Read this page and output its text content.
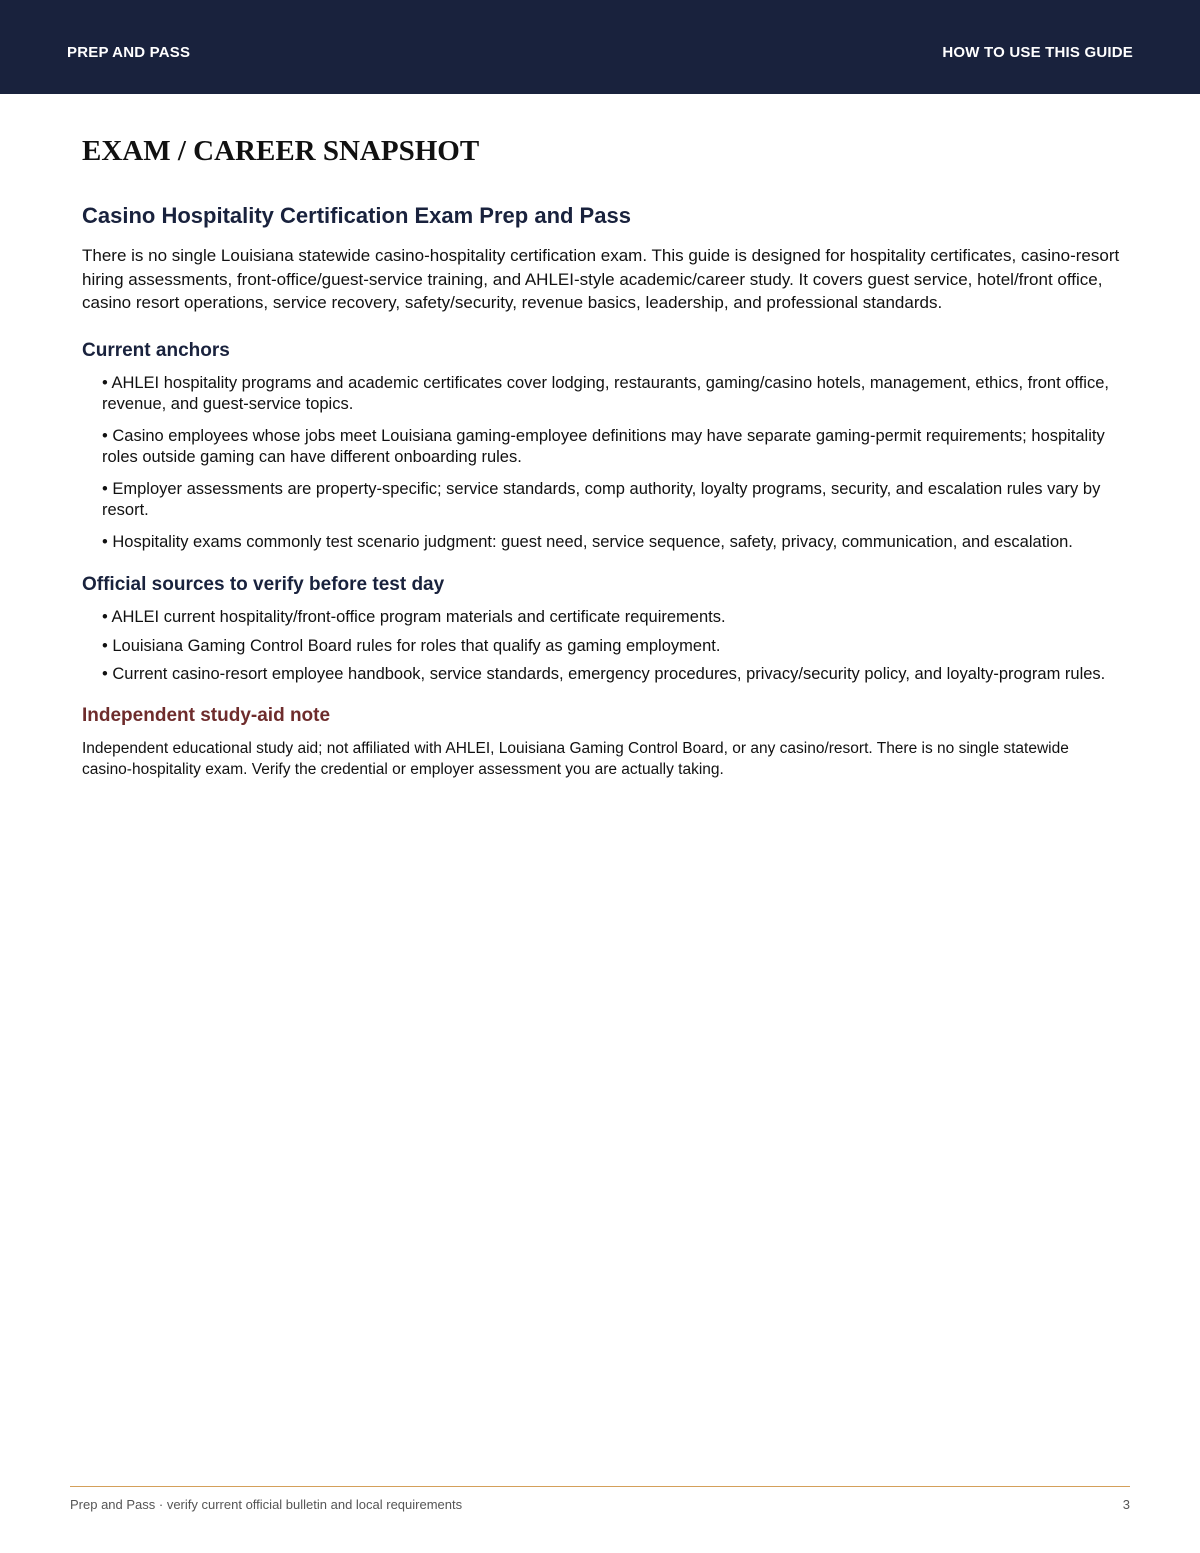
PREP AND PASS	HOW TO USE THIS GUIDE
EXAM / CAREER SNAPSHOT
Casino Hospitality Certification Exam Prep and Pass

There is no single Louisiana statewide casino-hospitality certification exam. This guide is designed for hospitality certificates, casino-resort hiring assessments, front-office/guest-service training, and AHLEI-style academic/career study. It covers guest service, hotel/front office, casino resort operations, service recovery, safety/security, revenue basics, leadership, and professional standards.

Current anchors
• AHLEI hospitality programs and academic certificates cover lodging, restaurants, gaming/casino hotels, management, ethics, front office, revenue, and guest-service topics.
• Casino employees whose jobs meet Louisiana gaming-employee definitions may have separate gaming-permit requirements; hospitality roles outside gaming can have different onboarding rules.
• Employer assessments are property-specific; service standards, comp authority, loyalty programs, security, and escalation rules vary by resort.
• Hospitality exams commonly test scenario judgment: guest need, service sequence, safety, privacy, communication, and escalation.
Official sources to verify before test day
• AHLEI current hospitality/front-office program materials and certificate requirements.
• Louisiana Gaming Control Board rules for roles that qualify as gaming employment.
• Current casino-resort employee handbook, service standards, emergency procedures, privacy/security policy, and loyalty-program rules.
Independent study-aid note

Independent educational study aid; not affiliated with AHLEI, Louisiana Gaming Control Board, or any casino/resort. There is no single statewide casino-hospitality exam. Verify the credential or employer assessment you are actually taking.

Prep and Pass · verify current official bulletin and local requirements	3
